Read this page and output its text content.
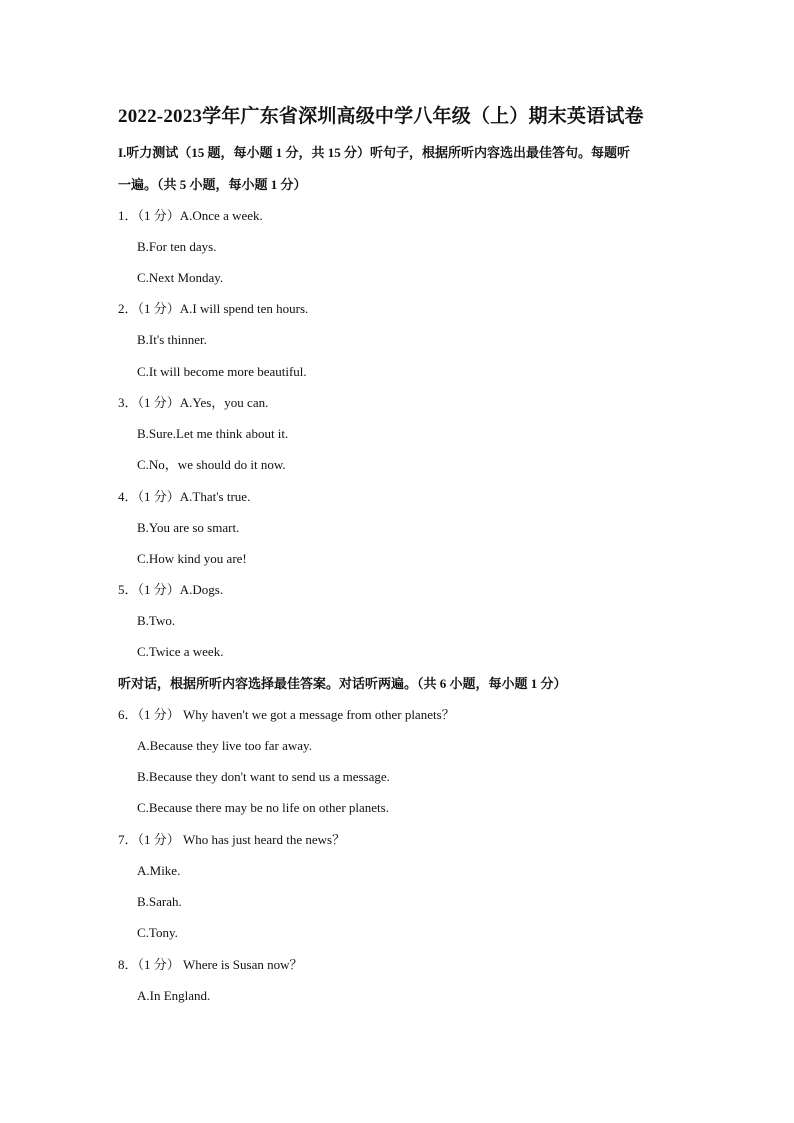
2022-2023学年广东省深圳高级中学八年级（上）期末英语试卷
I.听力测试（15 题，每小题 1 分，共 15 分）听句子，根据所听内容选出最佳答句。每题听
一遍。（共 5 小题，每小题 1 分）
1．（1 分）A.Once a week.
B.For ten days.
C.Next Monday.
2．（1 分）A.I will spend ten hours.
B.It's thinner.
C.It will become more beautiful.
3．（1 分）A.Yes，you can.
B.Sure.Let me think about it.
C.No，we should do it now.
4．（1 分）A.That's true.
B.You are so smart.
C.How kind you are!
5．（1 分）A.Dogs.
B.Two.
C.Twice a week.
听对话，根据所听内容选择最佳答案。对话听两遍。（共 6 小题，每小题 1 分）
6．（1 分） Why haven't we got a message from other planets？
A.Because they live too far away.
B.Because they don't want to send us a message.
C.Because there may be no life on other planets.
7．（1 分） Who has just heard the news？
A.Mike.
B.Sarah.
C.Tony.
8．（1 分） Where is Susan now？
A.In England.
